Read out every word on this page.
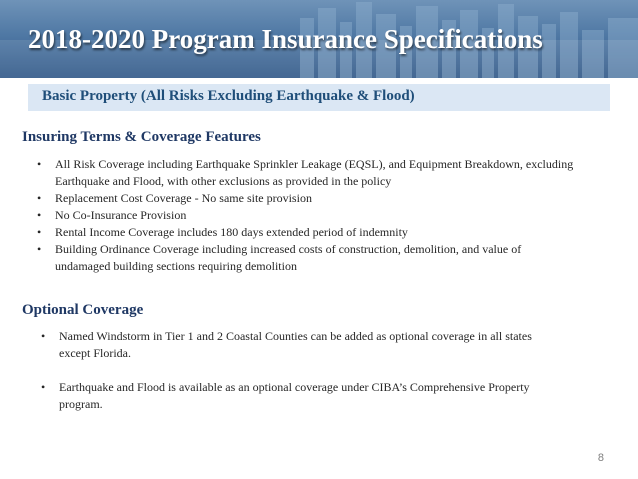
2018-2020 Program Insurance Specifications
Basic Property (All Risks Excluding Earthquake & Flood)
Insuring Terms & Coverage Features
• All Risk Coverage including Earthquake Sprinkler Leakage (EQSL), and Equipment Breakdown, excluding Earthquake and Flood, with other exclusions as provided in the policy
• Replacement Cost Coverage - No same site provision
• No Co-Insurance Provision
• Rental Income Coverage includes 180 days extended period of indemnity
• Building Ordinance Coverage including increased costs of construction, demolition, and value of undamaged building sections requiring demolition
Optional Coverage
• Named Windstorm in Tier 1 and 2 Coastal Counties can be added as optional coverage in all states except Florida.
• Earthquake and Flood is available as an optional coverage under CIBA’s Comprehensive Property program.
8
